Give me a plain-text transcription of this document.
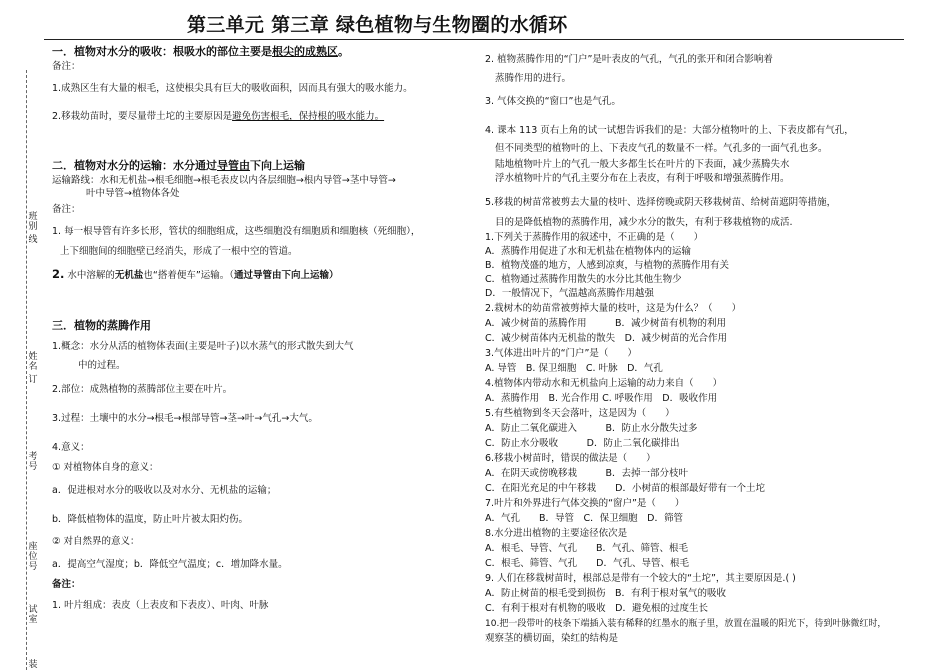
第三单元 第三章 绿色植物与生物圈的水循环
试室
座位号
考号
姓名
订
班别
线
装
一．植物对水分的吸收：根吸水的部位主要是根尖的成熟区。
备注：
1.成熟区生有大量的根毛，这使根尖具有巨大的吸收面积，因而具有强大的吸水能力。
2.移栽幼苗时，要尽量带土坨的主要原因是避免伤害根毛，保持根的吸水能力。
二．植物对水分的运输：水分通过导管由下向上运输
运输路线：水和无机盐→根毛细胞→根毛表皮以内各层细胞→根内导管→茎中导管→
叶中导管→植物体各处
备注：
1. 每一根导管有许多长形，管状的细胞组成，这些细胞没有细胞质和细胞核（死细胞），
上下细胞间的细胞壁已经消失，形成了一根中空的管道。
2. 水中溶解的无机盐也“搭着便车”运输。（通过导管由下向上运输）
三．植物的蒸腾作用
1.概念：水分从活的植物体表面(主要是叶子)以水蒸气的形式散失到大气
中的过程。
2.部位：成熟植物的蒸腾部位主要在叶片。
3.过程：土壤中的水分→根毛→根部导管→茎→叶→气孔→大气。
4.意义：
① 对植物体自身的意义：
a．促进根对水分的吸收以及对水分、无机盐的运输；
b．降低植物体的温度，防止叶片被太阳灼伤。
② 对自然界的意义：
a．提高空气湿度；b．降低空气温度；c．增加降水量。
备注：
1. 叶片组成：表皮（上表皮和下表皮）、叶肉、叶脉
2. 植物蒸腾作用的“门户”是叶表皮的气孔，气孔的张开和闭合影响着
蒸腾作用的进行。
3. 气体交换的“窗口”也是气孔。
4. 课本 113 页右上角的试一试想告诉我们的是：大部分植物叶的上、下表皮都有气孔，
但不同类型的植物叶的上、下表皮气孔的数量不一样。气孔多的一面气孔也多。
陆地植物叶片上的气孔一般大多都生长在叶片的下表面，减少蒸腾失水
浮水植物叶片的气孔主要分布在上表皮，有利于呼吸和增强蒸腾作用。
5.移栽的树苗常被剪去大量的枝叶、选择傍晚或阴天移栽树苗、给树苗遮阴等措施，
目的是降低植物的蒸腾作用，减少水分的散失，有利于移栽植物的成活.
1.下列关于蒸腾作用的叙述中，不正确的是（　　）
A．蒸腾作用促进了水和无机盐在植物体内的运输
B．植物茂盛的地方，人感到凉爽，与植物的蒸腾作用有关
C．植物通过蒸腾作用散失的水分比其他生物少
D．一般情况下，气温越高蒸腾作用越强
2.栽树木的幼苗常被剪掉大量的枝叶，这是为什么？（　　）
A．减少树苗的蒸腾作用　　　B．减少树苗有机物的利用
C．减少树苗体内无机盐的散失　D．减少树苗的光合作用
3.气体进出叶片的“门户”是（　　）
A. 导管　B. 保卫细胞　C. 叶脉　D．气孔
4.植物体内带动水和无机盐向上运输的动力来自（　　）
A．蒸腾作用　B. 光合作用 C. 呼吸作用　D．吸收作用
5.有些植物到冬天会落叶，这是因为（　　）
A．防止二氧化碳进入　　　B．防止水分散失过多
C．防止水分吸收　　　D．防止二氧化碳排出
6.移栽小树苗时，错误的做法是（　　）
A．在阴天或傍晚移栽　　　B．去掉一部分枝叶
C．在阳光充足的中午移栽　　D．小树苗的根部最好带有一个土坨
7.叶片和外界进行气体交换的“窗户”是（　　）
A．气孔　　B．导管　C．保卫细胞　D．筛管
8.水分进出植物的主要途径依次是
A．根毛、导管、气孔　　B．气孔、筛管、根毛
C．根毛、筛管、气孔　　D．气孔、导管、根毛
9. 人们在移栽树苗时，根部总是带有一个较大的“土坨”，其主要原因是.( )
A．防止树苗的根毛受到损伤　B．有利于根对氧气的吸收
C．有利于根对有机物的吸收　D．避免根的过度生长
10.把一段带叶的枝条下端插入装有稀释的红墨水的瓶子里，放置在温暖的阳光下，待到叶脉微红时，
观察茎的横切面，染红的结构是
